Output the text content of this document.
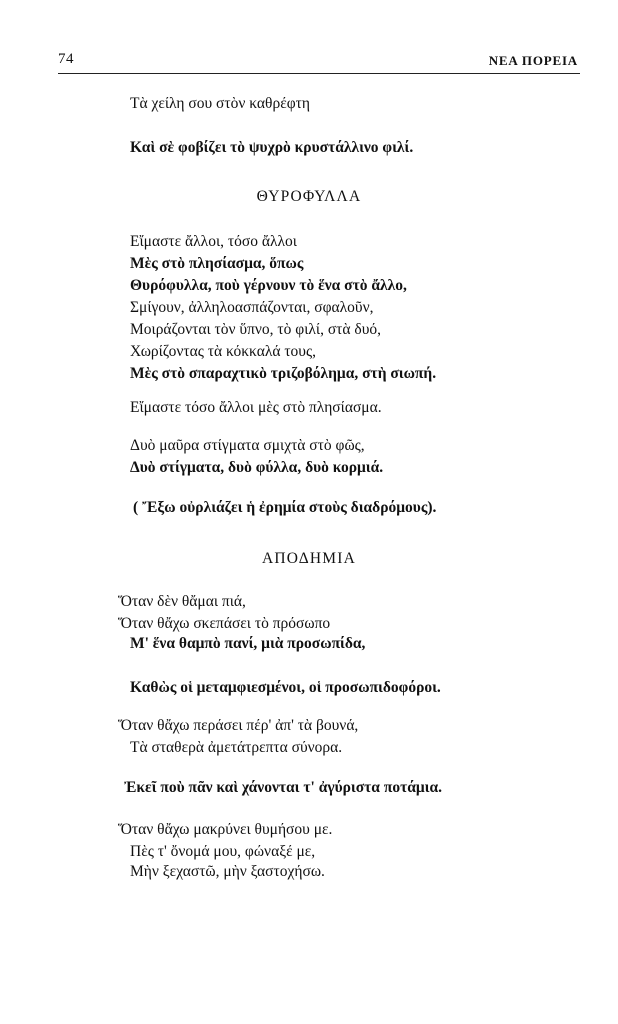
74	ΝΕΑ ΠΟΡΕΙΑ
Τὰ χείλη σου στὸν καθρέφτη
Καὶ σὲ φοβίζει τὸ ψυχρὸ κρυστάλλινο φιλί.
ΘΥΡΟΦΥΛΛΑ
Εἴμαστε ἄλλοι, τόσο ἄλλοι
Μὲς στὸ πλησίασμα, ὅπως
Θυρόφυλλα, ποὺ γέρνουν τὸ ἕνα στὸ ἄλλο,
Σμίγουν, ἀλληλοασπάζονται, σφαλοῦν,
Μοιράζονται τὸν ὕπνο, τὸ φιλί, στὰ δυό,
Χωρίζοντας τὰ κόκκαλά τους,
Μὲς στὸ σπαραχτικὸ τριζοβόλημα, στὴ σιωπή.
Εἴμαστε τόσο ἄλλοι μὲς στὸ πλησίασμα.
Δυὸ μαῦρα στίγματα σμιχτὰ στὸ φῶς,
Δυὸ στίγματα, δυὸ φύλλα, δυὸ κορμιά.
( Ἔξω οὐρλιάζει ἡ ἐρημία στοὺς διαδρόμους).
ΑΠΟΔΗΜΙΑ
Ὅταν δὲν θἄμαι πιά,
Ὅταν θἄχω σκεπάσει τὸ πρόσωπο
Μ' ἕνα θαμπὸ πανί, μιὰ προσωπίδα,
Καθὼς οἱ μεταμφιεσμένοι, οἱ προσωπιδοφόροι.
Ὅταν θἄχω περάσει πέρ' ἀπ' τὰ βουνά,
Τὰ σταθερὰ ἀμετάτρεπτα σύνορα.
Ἐκεῖ ποὺ πᾶν καὶ χάνονται τ' ἀγύριστα ποτάμια.
Ὅταν θἄχω μακρύνει θυμήσου με.
Πὲς τ' ὄνομά μου, φώναξέ με,
Μὴν ξεχαστῶ, μὴν ξαστοχήσω.
